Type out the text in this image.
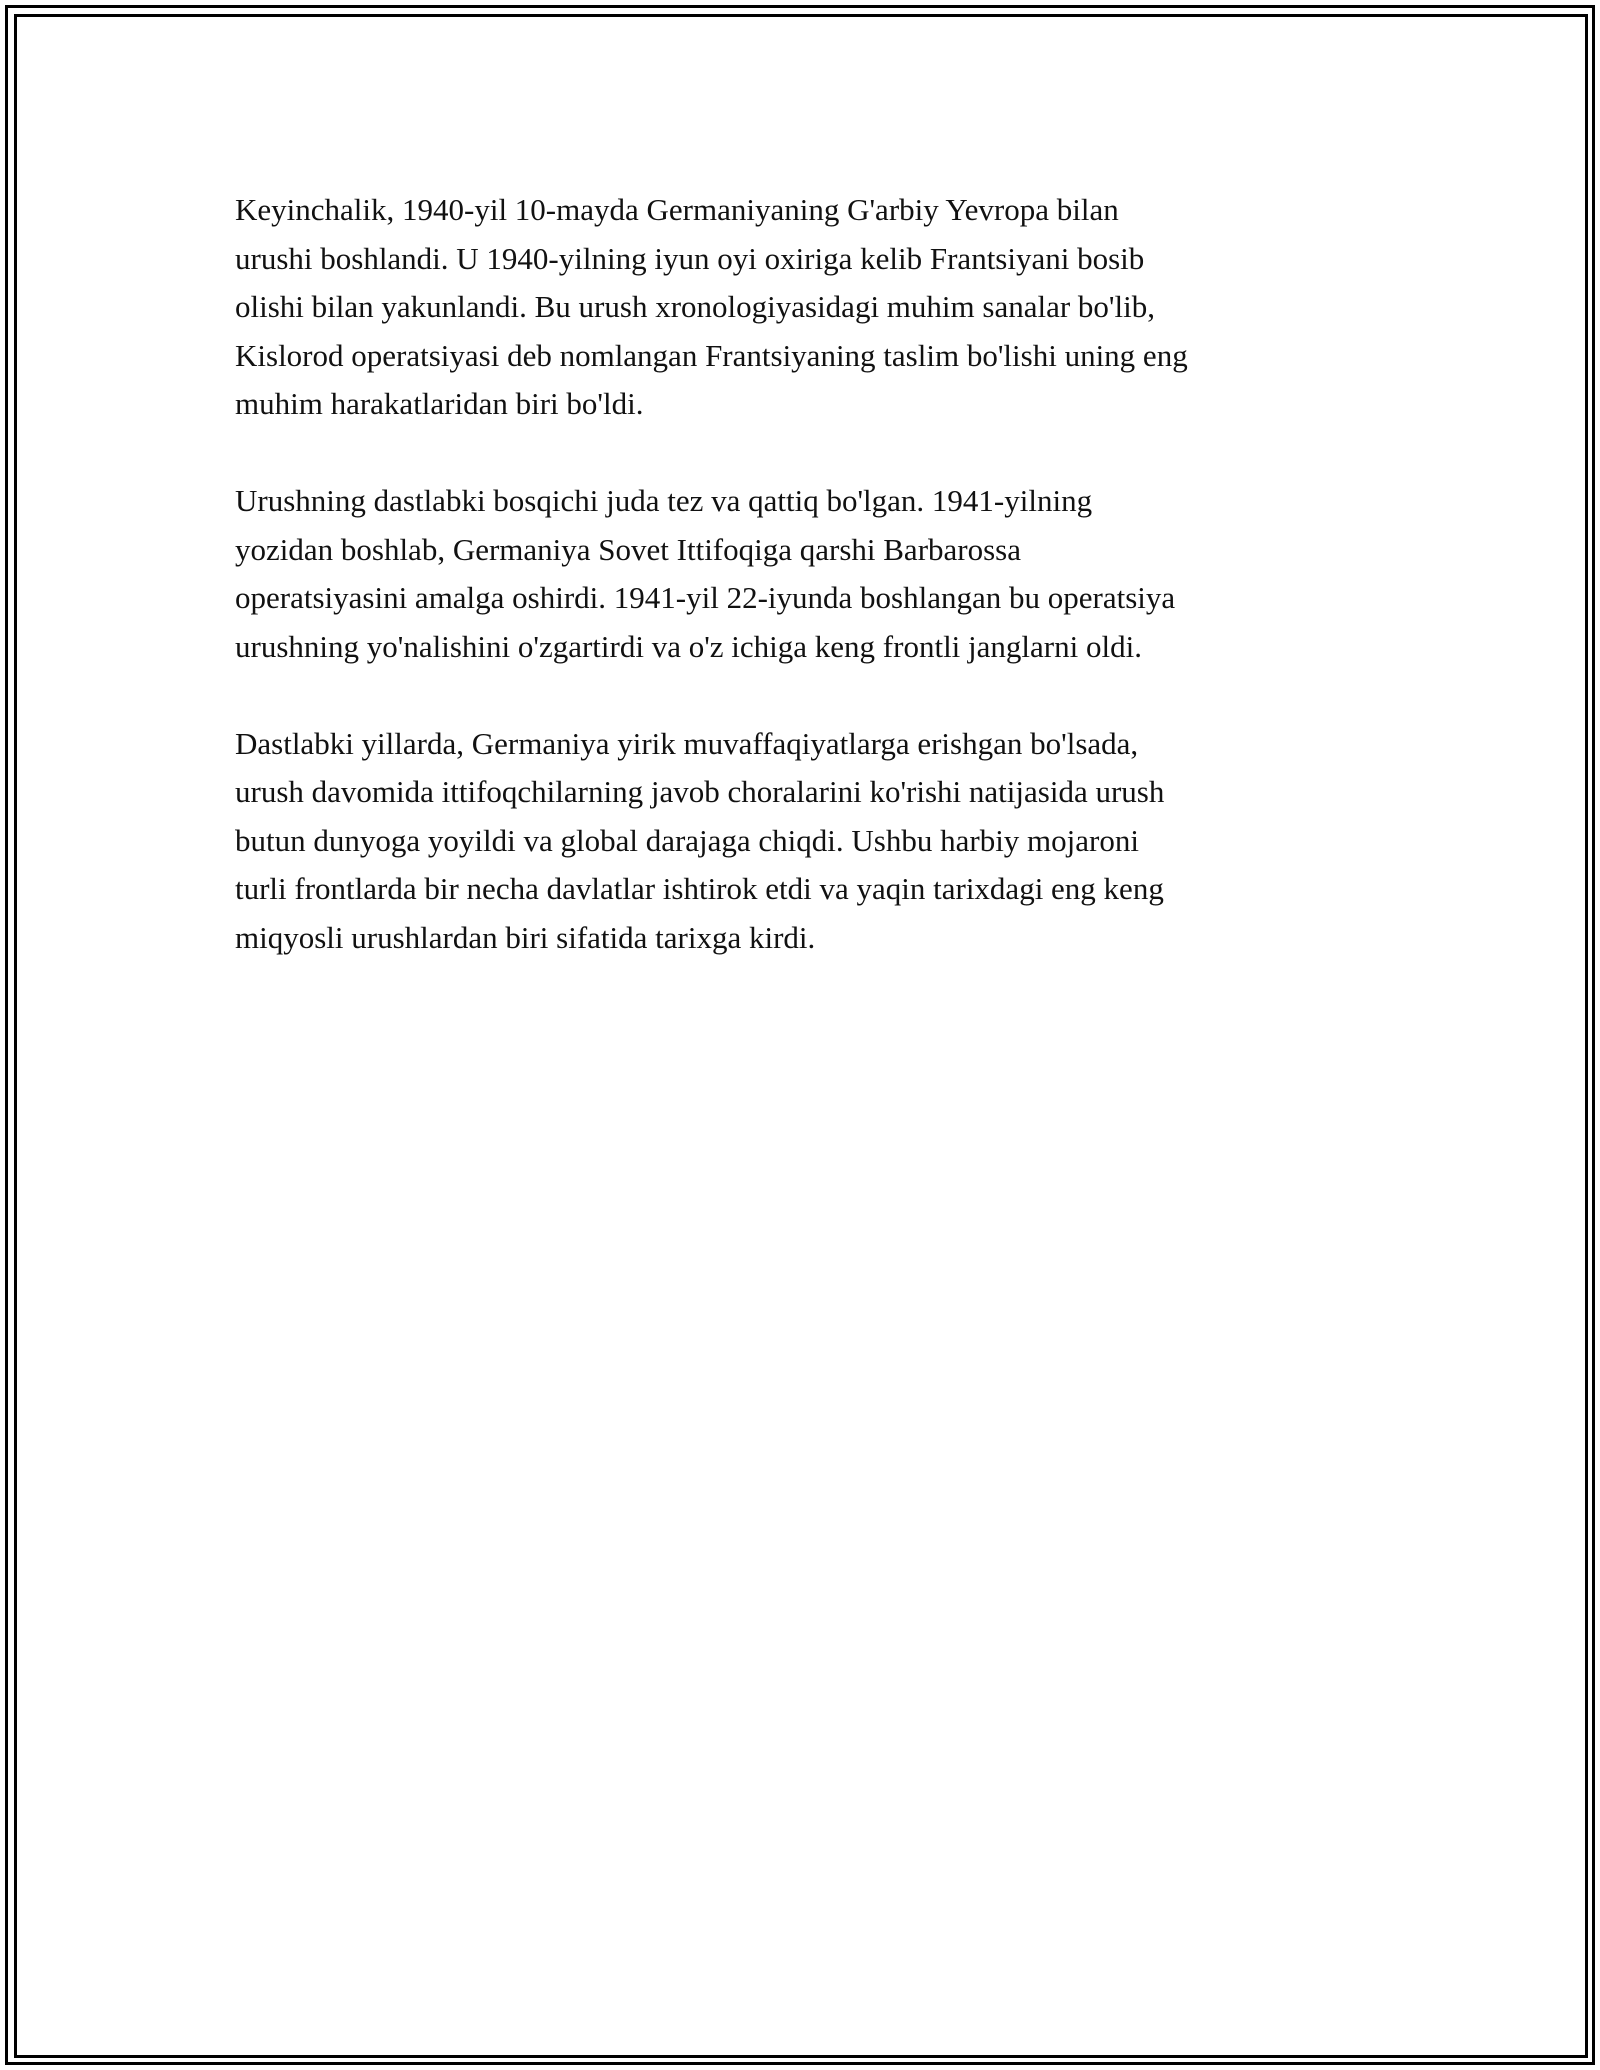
Keyinchalik, 1940-yil 10-mayda Germaniyaning G'arbiy Yevropa bilan
urushi boshlandi. U 1940-yilning iyun oyi oxiriga kelib Frantsiyani bosib
olishi bilan yakunlandi. Bu urush xronologiyasidagi muhim sanalar bo'lib,
Kislorod operatsiyasi deb nomlangan Frantsiyaning taslim bo'lishi uning eng
muhim harakatlaridan biri bo'ldi.

Urushning dastlabki bosqichi juda tez va qattiq bo'lgan. 1941-yilning
yozidan boshlab, Germaniya Sovet Ittifoqiga qarshi Barbarossa
operatsiyasini amalga oshirdi. 1941-yil 22-iyunda boshlangan bu operatsiya
urushning yo'nalishini o'zgartirdi va o'z ichiga keng frontli janglarni oldi.

Dastlabki yillarda, Germaniya yirik muvaffaqiyatlarga erishgan bo'lsada,
urush davomida ittifoqchilarning javob choralarini ko'rishi natijasida urush
butun dunyoga yoyildi va global darajaga chiqdi. Ushbu harbiy mojaroni
turli frontlarda bir necha davlatlar ishtirok etdi va yaqin tarixdagi eng keng
miqyosli urushlardan biri sifatida tarixga kirdi.
